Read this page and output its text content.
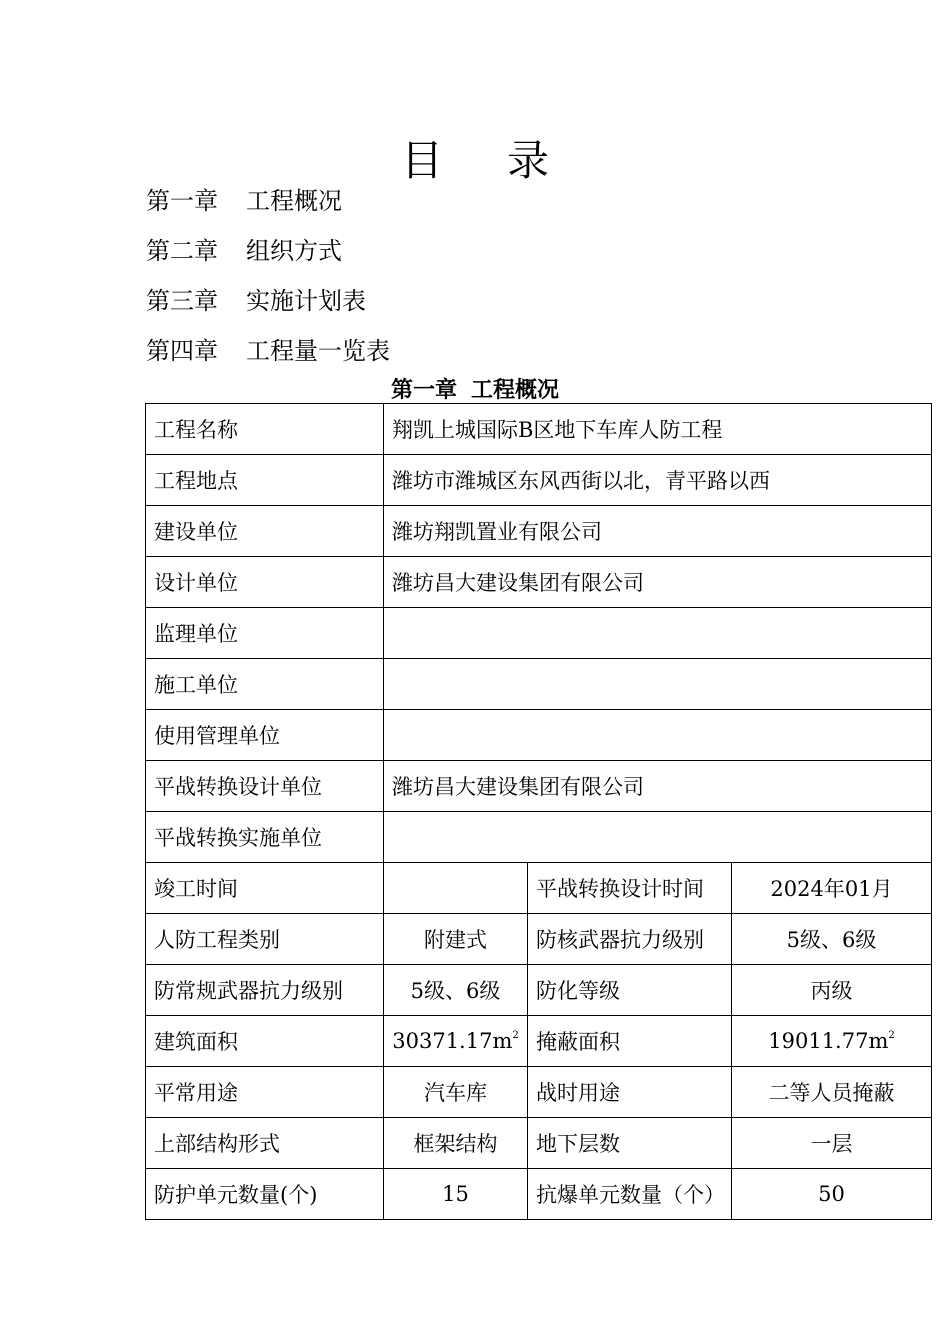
目 录
第一章 工程概况
第二章 组织方式
第三章 实施计划表
第四章 工程量一览表
第一章 工程概况
工程名称	翔凯上城国际B区地下车库人防工程		
工程地点	潍坊市潍城区东风西街以北，青平路以西		
建设单位	潍坊翔凯置业有限公司		
设计单位	潍坊昌大建设集团有限公司		
监理单位			
施工单位			
使用管理单位			
平战转换设计单位	潍坊昌大建设集团有限公司		
平战转换实施单位			
竣工时间		平战转换设计时间	2024年01月
人防工程类别	附建式	防核武器抗力级别	5级、6级
防常规武器抗力级别	5级、6级	防化等级	丙级
建筑面积	$30371.17m^2$	掩蔽面积	$19011.77m^2$
平常用途	汽车库	战时用途	二等人员掩蔽
上部结构形式	框架结构	地下层数	一层
防护单元数量(个)	15	抗爆单元数量（个）	50
